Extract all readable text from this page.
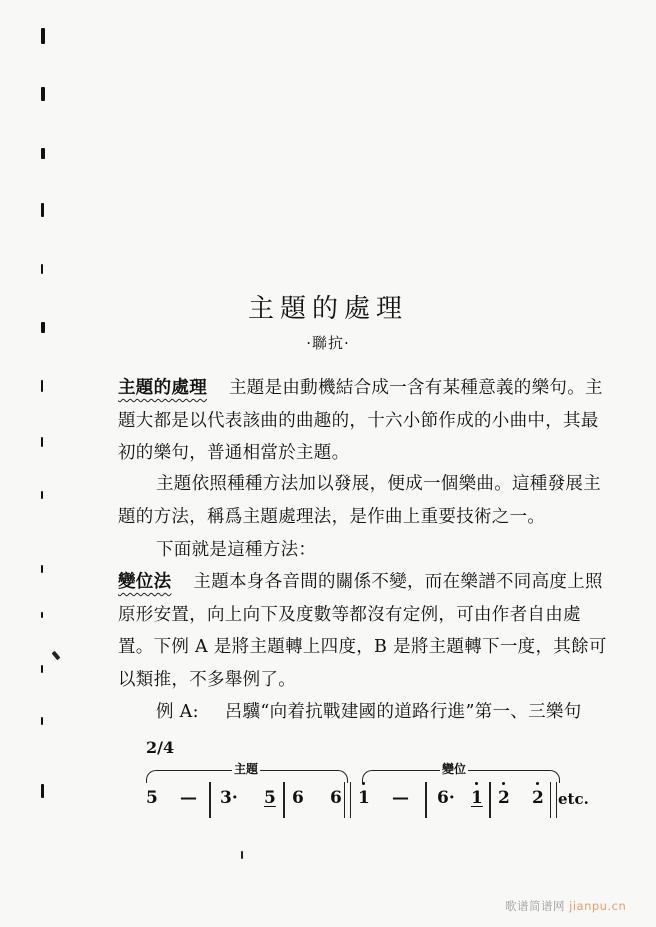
主題的處理
·聯抗·
主題的處理 主題是由動機結合成一含有某種意義的樂句。主題大都是以代表該曲的曲趣的，十六小節作成的小曲中，其最初的樂句，普通相當於主題。
主題依照種種方法加以發展，便成一個樂曲。這種發展主題的方法，稱爲主題處理法，是作曲上重要技術之一。
下面就是這種方法：
變位法 主題本身各音間的關係不變，而在樂譜不同高度上照原形安置，向上向下及度數等都沒有定例，可由作者自由處置。下例 A 是將主題轉上四度，B 是將主題轉下一度，其餘可以類推，不多舉例了。
例 A: 呂驥“向着抗戰建國的道路行進”第一、三樂句
2/4
主題	變位
5 — 3· 5 6 6 1 — 6· 1 2 2 etc.
歌谱简谱网 jianpu.cn
